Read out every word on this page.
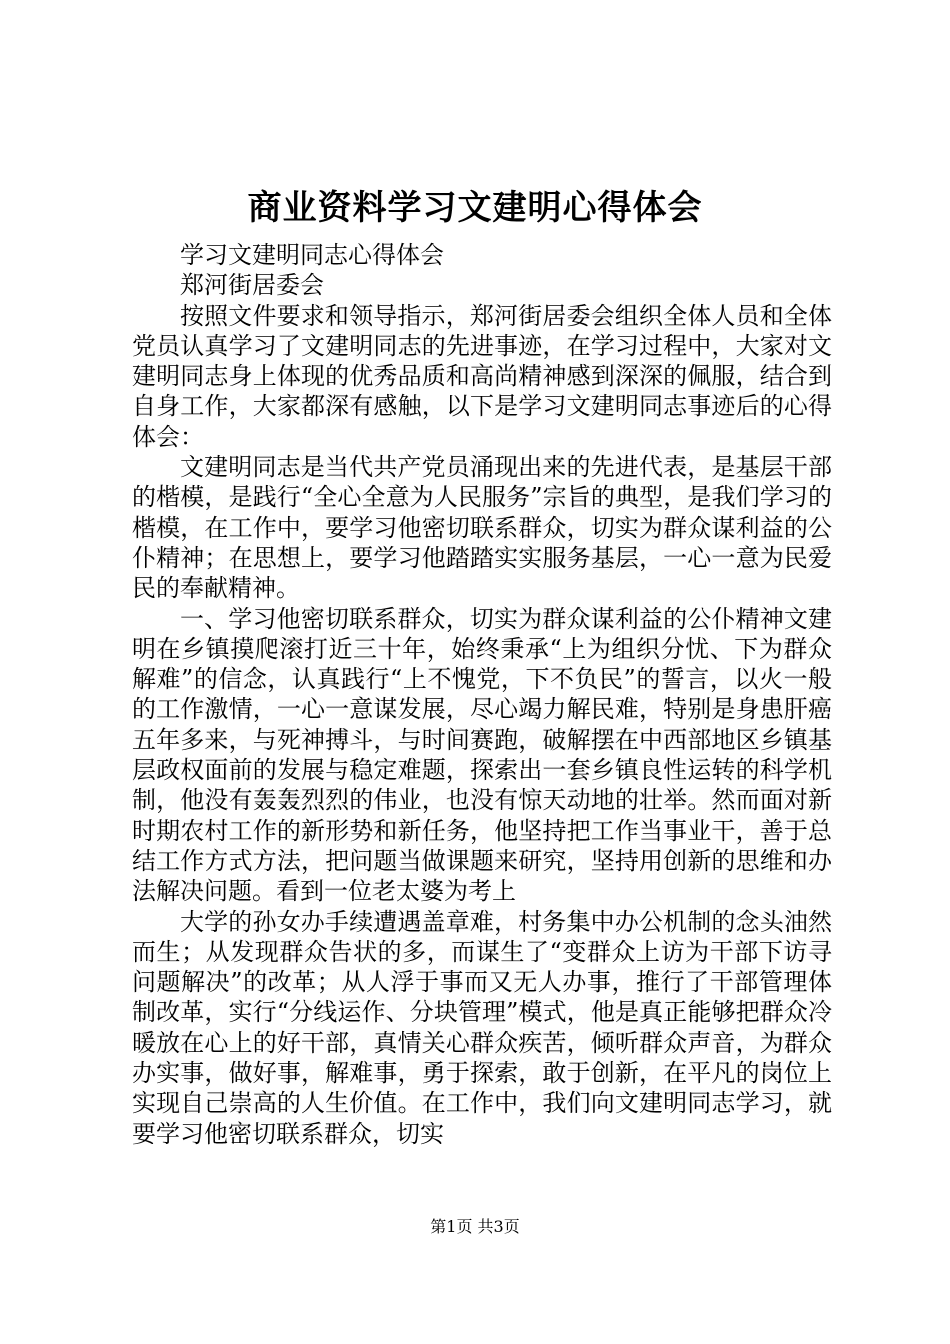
商业资料学习文建明心得体会

学习文建明同志心得体会

郑河街居委会

按照文件要求和领导指示，郑河街居委会组织全体人员和全体党员认真学习了文建明同志的先进事迹，在学习过程中，大家对文建明同志身上体现的优秀品质和高尚精神感到深深的佩服，结合到自身工作，大家都深有感触，以下是学习文建明同志事迹后的心得体会：

文建明同志是当代共产党员涌现出来的先进代表，是基层干部的楷模，是践行“全心全意为人民服务”宗旨的典型，是我们学习的楷模，在工作中，要学习他密切联系群众，切实为群众谋利益的公仆精神；在思想上，要学习他踏踏实实服务基层，一心一意为民爱民的奉献精神。

一、学习他密切联系群众，切实为群众谋利益的公仆精神文建明在乡镇摸爬滚打近三十年，始终秉承“上为组织分忧、下为群众解难”的信念，认真践行“上不愧党，下不负民”的誓言，以火一般的工作激情，一心一意谋发展，尽心竭力解民难，特别是身患肝癌五年多来，与死神搏斗，与时间赛跑，破解摆在中西部地区乡镇基层政权面前的发展与稳定难题，探索出一套乡镇良性运转的科学机制，他没有轰轰烈烈的伟业，也没有惊天动地的壮举。然而面对新时期农村工作的新形势和新任务，他坚持把工作当事业干，善于总结工作方式方法，把问题当做课题来研究，坚持用创新的思维和办法解决问题。看到一位老太婆为考上

大学的孙女办手续遭遇盖章难，村务集中办公机制的念头油然而生；从发现群众告状的多，而谋生了“变群众上访为干部下访寻问题解决”的改革；从人浮于事而又无人办事，推行了干部管理体制改革，实行“分线运作、分块管理”模式，他是真正能够把群众冷暖放在心上的好干部，真情关心群众疾苦，倾听群众声音，为群众办实事，做好事，解难事，勇于探索，敢于创新，在平凡的岗位上实现自己崇高的人生价值。在工作中，我们向文建明同志学习，就要学习他密切联系群众，切实

第1页 共3页
